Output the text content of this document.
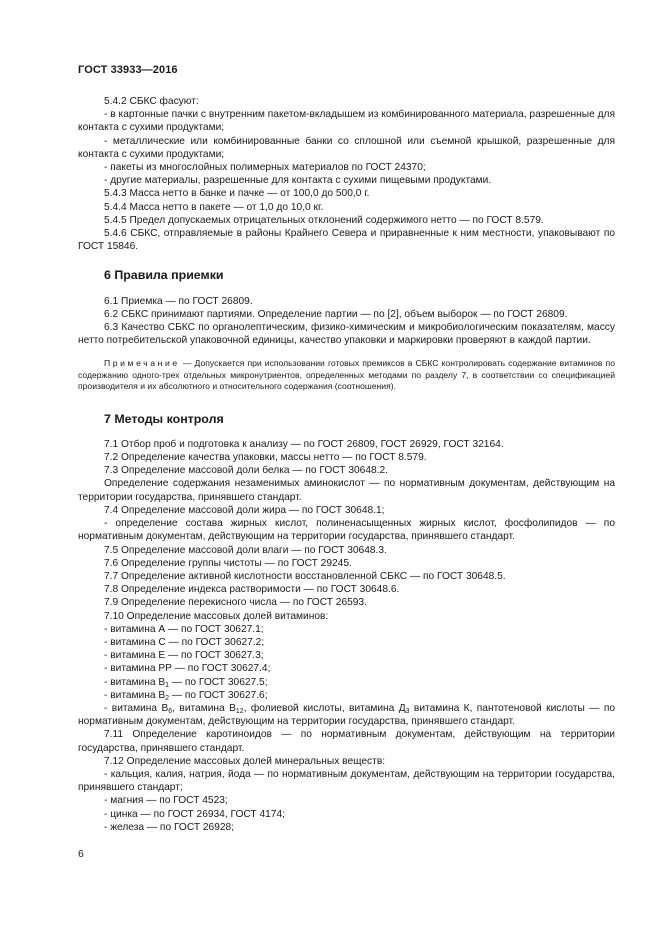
ГОСТ 33933—2016

5.4.2 СБКС фасуют:

- в картонные пачки с внутренним пакетом-вкладышем из комбинированного материала, разрешенные для контакта с сухими продуктами;

- металлические или комбинированные банки со сплошной или съемной крышкой, разрешенные для контакта с сухими продуктами;

- пакеты из многослойных полимерных материалов по ГОСТ 24370;

- другие материалы, разрешенные для контакта с сухими пищевыми продуктами.

5.4.3 Масса нетто в банке и пачке — от 100,0 до 500,0 г.

5.4.4 Масса нетто в пакете — от 1,0 до 10,0 кг.

5.4.5 Предел допускаемых отрицательных отклонений содержимого нетто — по ГОСТ 8.579.

5.4.6 СБКС, отправляемые в районы Крайнего Севера и приравненные к ним местности, упаковывают по ГОСТ 15846.

6 Правила приемки

6.1 Приемка — по ГОСТ 26809.

6.2 СБКС принимают партиями. Определение партии — по [2], объем выборок — по ГОСТ 26809.

6.3 Качество СБКС по органолептическим, физико-химическим и микробиологическим показателям, массу нетто потребительской упаковочной единицы, качество упаковки и маркировки проверяют в каждой партии.

Примечание — Допускается при использовании готовых премиксов в СБКС контролировать содержание витаминов по содержанию одного-трех отдельных микронутриентов, определенных методами по разделу 7, в соответствии со спецификацией производителя и их абсолютного и относительного содержания (соотношения).

7 Методы контроля

7.1 Отбор проб и подготовка к анализу — по ГОСТ 26809, ГОСТ 26929, ГОСТ 32164.

7.2 Определение качества упаковки, массы нетто — по ГОСТ 8.579.

7.3 Определение массовой доли белка — по ГОСТ 30648.2.

Определение содержания незаменимых аминокислот — по нормативным документам, действующим на территории государства, принявшего стандарт.

7.4 Определение массовой доли жира — по ГОСТ 30648.1;

- определение состава жирных кислот, полиненасыщенных жирных кислот, фосфолипидов — по нормативным документам, действующим на территории государства, принявшего стандарт.

7.5 Определение массовой доли влаги — по ГОСТ 30648.3.

7.6 Определение группы чистоты — по ГОСТ 29245.

7.7 Определение активной кислотности восстановленной СБКС — по ГОСТ 30648.5.

7.8 Определение индекса растворимости — по ГОСТ 30648.6.

7.9 Определение перекисного числа — по ГОСТ 26593.

7.10 Определение массовых долей витаминов:

- витамина А — по ГОСТ 30627.1;

- витамина С — по ГОСТ 30627.2;

- витамина Е — по ГОСТ 30627.3;

- витамина РР — по ГОСТ 30627.4;

- витамина $В_1$ — по ГОСТ 30627.5;

- витамина $В_2$ — по ГОСТ 30627.6;

- витамина $В_6$, витамина $В_{12}$, фолиевой кислоты, витамина $Д_3$ витамина К, пантотеновой кислоты — по нормативным документам, действующим на территории государства, принявшего стандарт.

7.11 Определение каротиноидов — по нормативным документам, действующим на территории государства, принявшего стандарт.

7.12 Определение массовых долей минеральных веществ:

- кальция, калия, натрия, йода — по нормативным документам, действующим на территории государства, принявшего стандарт;

- магния — по ГОСТ 4523;

- цинка — по ГОСТ 26934, ГОСТ 4174;

- железа — по ГОСТ 26928;

6
